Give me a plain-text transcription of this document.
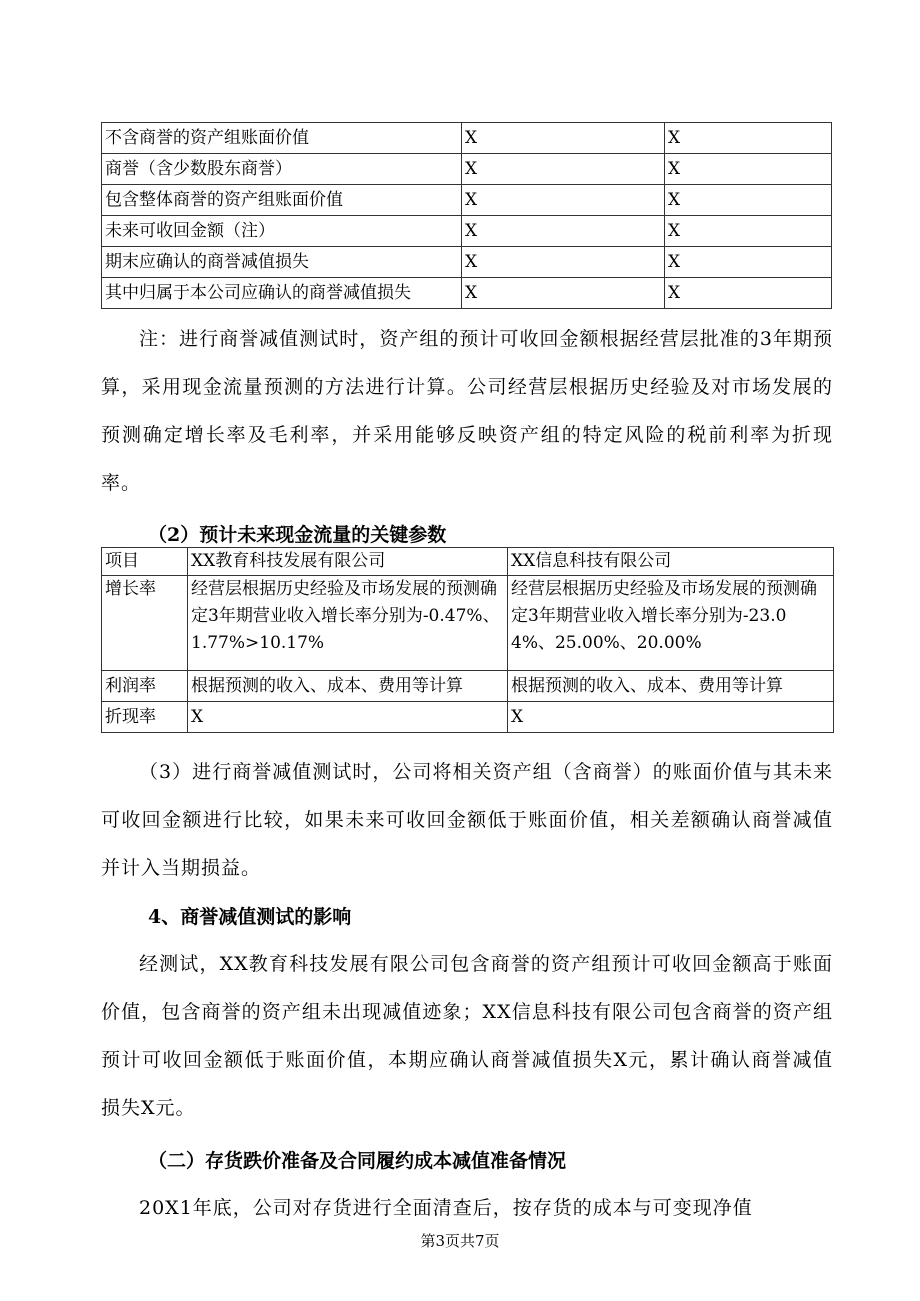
不含商誉的资产组账面价值	X	X
商誉（含少数股东商誉）	X	X
包含整体商誉的资产组账面价值	X	X
未来可收回金额（注）	X	X
期末应确认的商誉减值损失	X	X
其中归属于本公司应确认的商誉减值损失	X	X

注：进行商誉减值测试时，资产组的预计可收回金额根据经营层批准的3年期预算，采用现金流量预测的方法进行计算。公司经营层根据历史经验及对市场发展的预测确定增长率及毛利率，并采用能够反映资产组的特定风险的税前利率为折现率。

（2）预计未来现金流量的关键参数
项目	XX教育科技发展有限公司	XX信息科技有限公司
增长率	经营层根据历史经验及市场发展的预测确定3年期营业收入增长率分别为-0.47%、1.77%>10.17%	经营层根据历史经验及市场发展的预测确定3年期营业收入增长率分别为-23.04%、25.00%、20.00%
利润率	根据预测的收入、成本、费用等计算	根据预测的收入、成本、费用等计算
折现率	X	X

（3）进行商誉减值测试时，公司将相关资产组（含商誉）的账面价值与其未来可收回金额进行比较，如果未来可收回金额低于账面价值，相关差额确认商誉减值并计入当期损益。

4、商誉减值测试的影响

经测试，XX教育科技发展有限公司包含商誉的资产组预计可收回金额高于账面价值，包含商誉的资产组未出现减值迹象；XX信息科技有限公司包含商誉的资产组预计可收回金额低于账面价值，本期应确认商誉减值损失X元，累计确认商誉减值损失X元。

（二）存货跌价准备及合同履约成本减值准备情况

20X1年底，公司对存货进行全面清查后，按存货的成本与可变现净值

第3页共7页
